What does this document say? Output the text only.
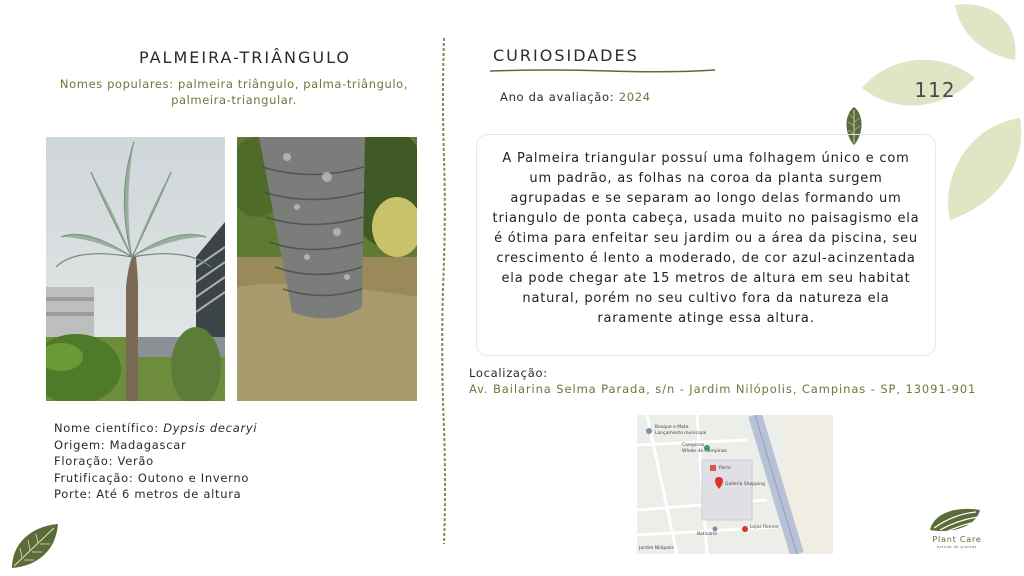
112
PALMEIRA-TRIÂNGULO
Nomes populares: palmeira triângulo, palma-triângulo, palmeira-triangular.
Nome científico: Dypsis decaryi
Origem: Madagascar
Floração: Verão
Frutificação: Outono e Inverno
Porte: Até 6 metros de altura
CURIOSIDADES
Ano da avaliação: 2024
A Palmeira triangular possuí uma folhagem único e com um padrão, as folhas na coroa da planta surgem agrupadas e se separam ao longo delas formando um triangulo de ponta cabeça, usada muito no paisagismo ela é ótima para enfeitar seu jardim ou a área da piscina, seu crescimento é lento a moderado, de cor azul-acinzentada ela pode chegar ate 15 metros de altura em seu habitat natural, porém no seu cultivo fora da natureza ela raramente atinge essa altura.
Localização:
Av. Bailarina Selma Parada, s/n - Jardim Nilópolis, Campinas - SP, 13091-901
Bosque e Mata
Lançamento municipal
Campinas
Whole de Campinas
Porto
Galleria Shopping
Lojas Renner
Boticário
Jardim Nilópolis
Plant Care
estudo de plantas
